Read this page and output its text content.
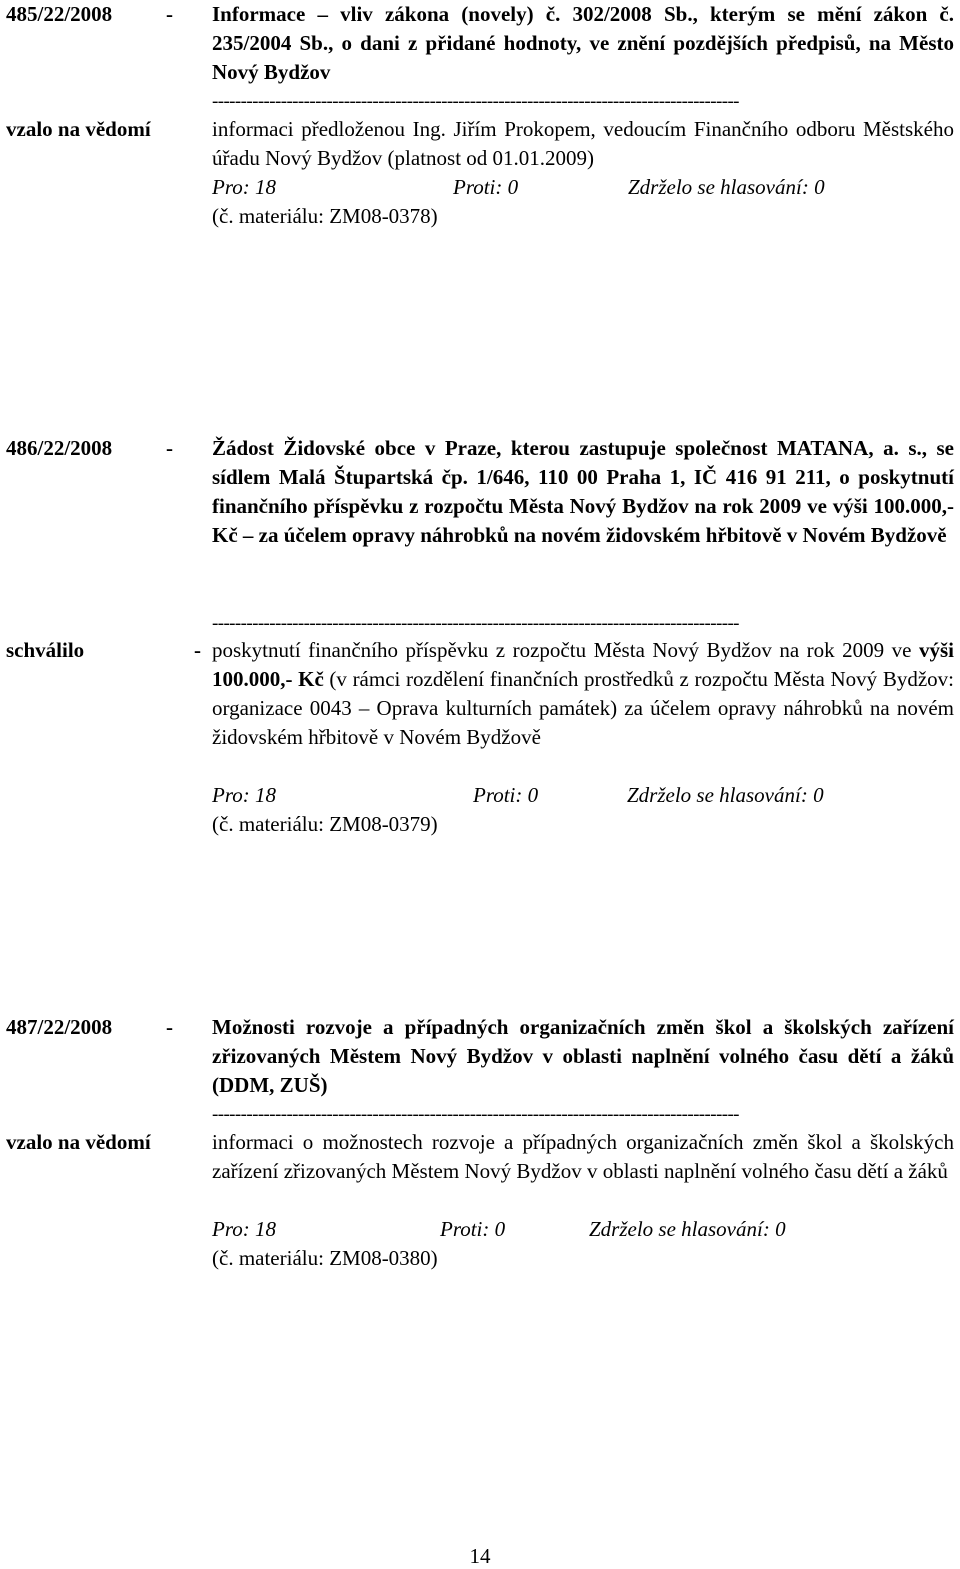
485/22/2008	- Informace – vliv zákona (novely) č. 302/2008 Sb., kterým se mění zákon č. 235/2004 Sb., o dani z přidané hodnoty, ve znění pozdějších předpisů, na Město Nový Bydžov
--------------------------------------------------------------------------------------------
vzalo na vědomí	informaci předloženou Ing. Jiřím Prokopem, vedoucím Finančního odboru Městského úřadu Nový Bydžov (platnost od 01.01.2009)
Pro: 18	Proti: 0	Zdrželo se hlasování: 0
(č. materiálu: ZM08-0378)
486/22/2008	- Žádost Židovské obce v Praze, kterou zastupuje společnost MATANA, a. s., se sídlem Malá Štupartská čp. 1/646, 110 00 Praha 1, IČ 416 91 211, o poskytnutí finančního příspěvku z rozpočtu Města Nový Bydžov na rok 2009 ve výši 100.000,- Kč – za účelem opravy náhrobků na novém židovském hřbitově v Novém Bydžově
--------------------------------------------------------------------------------------------
schválilo	- poskytnutí finančního příspěvku z rozpočtu Města Nový Bydžov na rok 2009 ve výši 100.000,- Kč (v rámci rozdělení finančních prostředků z rozpočtu Města Nový Bydžov: organizace 0043 – Oprava kulturních památek) za účelem opravy náhrobků na novém židovském hřbitově v Novém Bydžově
Pro: 18	Proti: 0	Zdrželo se hlasování: 0
(č. materiálu: ZM08-0379)
487/22/2008	- Možnosti rozvoje a případných organizačních změn škol a školských zařízení zřizovaných Městem Nový Bydžov v oblasti naplnění volného času dětí a žáků (DDM, ZUŠ)
--------------------------------------------------------------------------------------------
vzalo na vědomí	informaci o možnostech rozvoje a případných organizačních změn škol a školských zařízení zřizovaných Městem Nový Bydžov v oblasti naplnění volného času dětí a žáků
Pro: 18	Proti: 0	Zdrželo se hlasování: 0
(č. materiálu: ZM08-0380)
14
